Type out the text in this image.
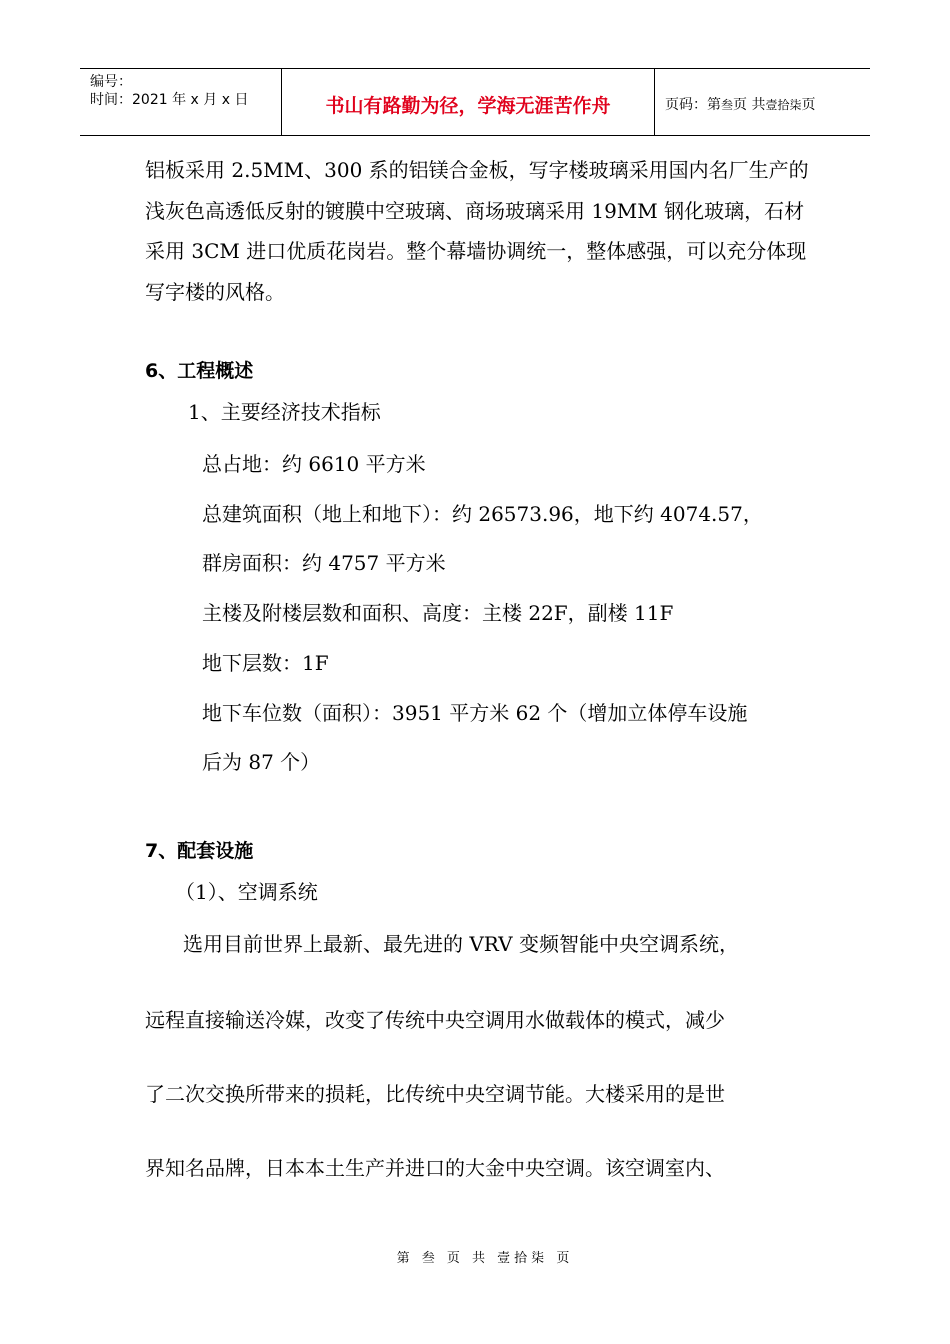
编号：
时间：2021 年 x 月 x 日	书山有路勤为径，学海无涯苦作舟	页码：第 叁 页 共 壹拾柒 页

铝板采用 2.5MM、300 系的铝镁合金板，写字楼玻璃采用国内名厂生产的浅灰色高透低反射的镀膜中空玻璃、商场玻璃采用 19MM 钢化玻璃，石材采用 3CM 进口优质花岗岩。整个幕墙协调统一，整体感强，可以充分体现写字楼的风格。

6、工程概述
1、主要经济技术指标
总占地：约 6610 平方米
总建筑面积（地上和地下）：约 26573.96，地下约 4074.57，
群房面积：约 4757 平方米
主楼及附楼层数和面积、高度：主楼 22F，副楼 11F
地下层数：1F
地下车位数（面积）：3951 平方米 62 个（增加立体停车设施
后为 87 个）
7、配套设施
（1）、空调系统
选用目前世界上最新、最先进的 VRV 变频智能中央空调系统，
远程直接输送冷媒，改变了传统中央空调用水做载体的模式，减少
了二次交换所带来的损耗，比传统中央空调节能。大楼采用的是世
界知名品牌，日本本土生产并进口的大金中央空调。该空调室内、
第 叁 页 共 壹拾柒 页
